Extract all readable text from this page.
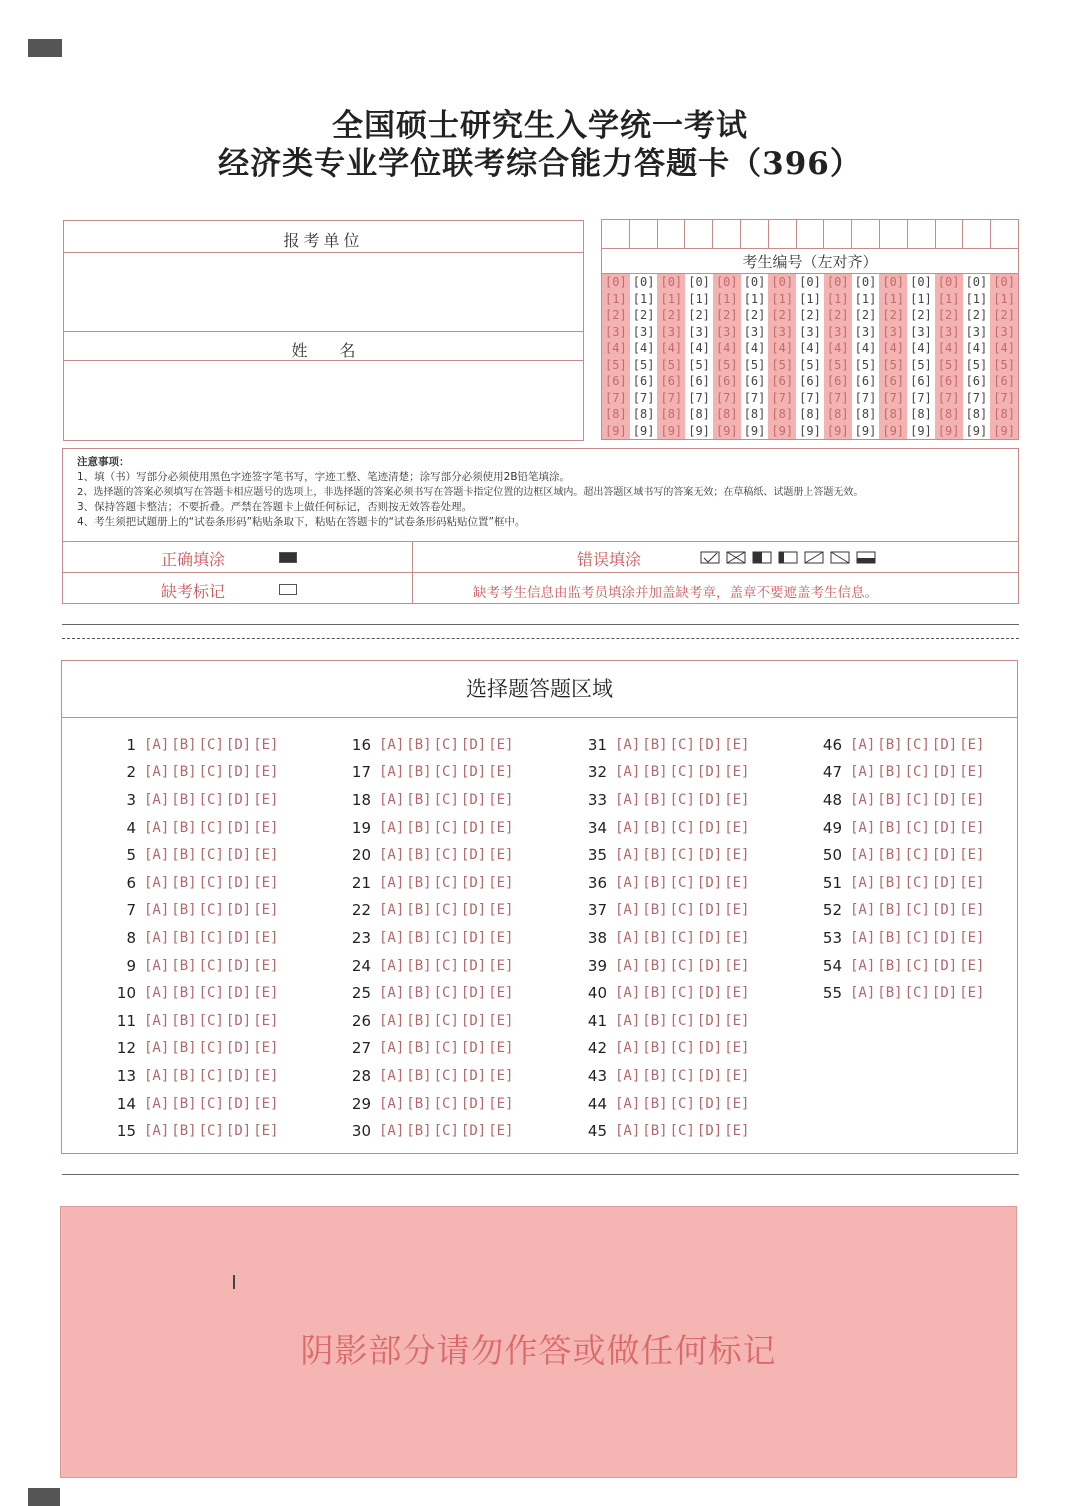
全国硕士研究生入学统一考试
经济类专业学位联考综合能力答题卡（396）
报考单位
姓　　名
考生编号（左对齐）
[0]
[1]
[2]
[3]
[4]
[5]
[6]
[7]
[8]
[9]
[0]
[1]
[2]
[3]
[4]
[5]
[6]
[7]
[8]
[9]
[0]
[1]
[2]
[3]
[4]
[5]
[6]
[7]
[8]
[9]
[0]
[1]
[2]
[3]
[4]
[5]
[6]
[7]
[8]
[9]
[0]
[1]
[2]
[3]
[4]
[5]
[6]
[7]
[8]
[9]
[0]
[1]
[2]
[3]
[4]
[5]
[6]
[7]
[8]
[9]
[0]
[1]
[2]
[3]
[4]
[5]
[6]
[7]
[8]
[9]
[0]
[1]
[2]
[3]
[4]
[5]
[6]
[7]
[8]
[9]
[0]
[1]
[2]
[3]
[4]
[5]
[6]
[7]
[8]
[9]
[0]
[1]
[2]
[3]
[4]
[5]
[6]
[7]
[8]
[9]
[0]
[1]
[2]
[3]
[4]
[5]
[6]
[7]
[8]
[9]
[0]
[1]
[2]
[3]
[4]
[5]
[6]
[7]
[8]
[9]
[0]
[1]
[2]
[3]
[4]
[5]
[6]
[7]
[8]
[9]
[0]
[1]
[2]
[3]
[4]
[5]
[6]
[7]
[8]
[9]
[0]
[1]
[2]
[3]
[4]
[5]
[6]
[7]
[8]
[9]
注意事项：
1、填（书）写部分必须使用黑色字迹签字笔书写，字迹工整、笔迹清楚；涂写部分必须使用2B铅笔填涂。
2、选择题的答案必须填写在答题卡相应题号的选项上，非选择题的答案必须书写在答题卡指定位置的边框区域内。超出答题区域书写的答案无效；在草稿纸、试题册上答题无效。
3、保持答题卡整洁；不要折叠。严禁在答题卡上做任何标记，否则按无效答卷处理。
4、考生须把试题册上的“试卷条形码”粘贴条取下，粘贴在答题卡的“试卷条形码粘贴位置”框中。
正确填涂	错误填涂
缺考标记	缺考考生信息由监考员填涂并加盖缺考章，盖章不要遮盖考生信息。
选择题答题区域
1 [A] [B] [C] [D] [E]
2 [A] [B] [C] [D] [E]
3 [A] [B] [C] [D] [E]
4 [A] [B] [C] [D] [E]
5 [A] [B] [C] [D] [E]
6 [A] [B] [C] [D] [E]
7 [A] [B] [C] [D] [E]
8 [A] [B] [C] [D] [E]
9 [A] [B] [C] [D] [E]
10 [A] [B] [C] [D] [E]
11 [A] [B] [C] [D] [E]
12 [A] [B] [C] [D] [E]
13 [A] [B] [C] [D] [E]
14 [A] [B] [C] [D] [E]
15 [A] [B] [C] [D] [E]
16 [A] [B] [C] [D] [E]
17 [A] [B] [C] [D] [E]
18 [A] [B] [C] [D] [E]
19 [A] [B] [C] [D] [E]
20 [A] [B] [C] [D] [E]
21 [A] [B] [C] [D] [E]
22 [A] [B] [C] [D] [E]
23 [A] [B] [C] [D] [E]
24 [A] [B] [C] [D] [E]
25 [A] [B] [C] [D] [E]
26 [A] [B] [C] [D] [E]
27 [A] [B] [C] [D] [E]
28 [A] [B] [C] [D] [E]
29 [A] [B] [C] [D] [E]
30 [A] [B] [C] [D] [E]
31 [A] [B] [C] [D] [E]
32 [A] [B] [C] [D] [E]
33 [A] [B] [C] [D] [E]
34 [A] [B] [C] [D] [E]
35 [A] [B] [C] [D] [E]
36 [A] [B] [C] [D] [E]
37 [A] [B] [C] [D] [E]
38 [A] [B] [C] [D] [E]
39 [A] [B] [C] [D] [E]
40 [A] [B] [C] [D] [E]
41 [A] [B] [C] [D] [E]
42 [A] [B] [C] [D] [E]
43 [A] [B] [C] [D] [E]
44 [A] [B] [C] [D] [E]
45 [A] [B] [C] [D] [E]
46 [A] [B] [C] [D] [E]
47 [A] [B] [C] [D] [E]
48 [A] [B] [C] [D] [E]
49 [A] [B] [C] [D] [E]
50 [A] [B] [C] [D] [E]
51 [A] [B] [C] [D] [E]
52 [A] [B] [C] [D] [E]
53 [A] [B] [C] [D] [E]
54 [A] [B] [C] [D] [E]
55 [A] [B] [C] [D] [E]
阴影部分请勿作答或做任何标记
